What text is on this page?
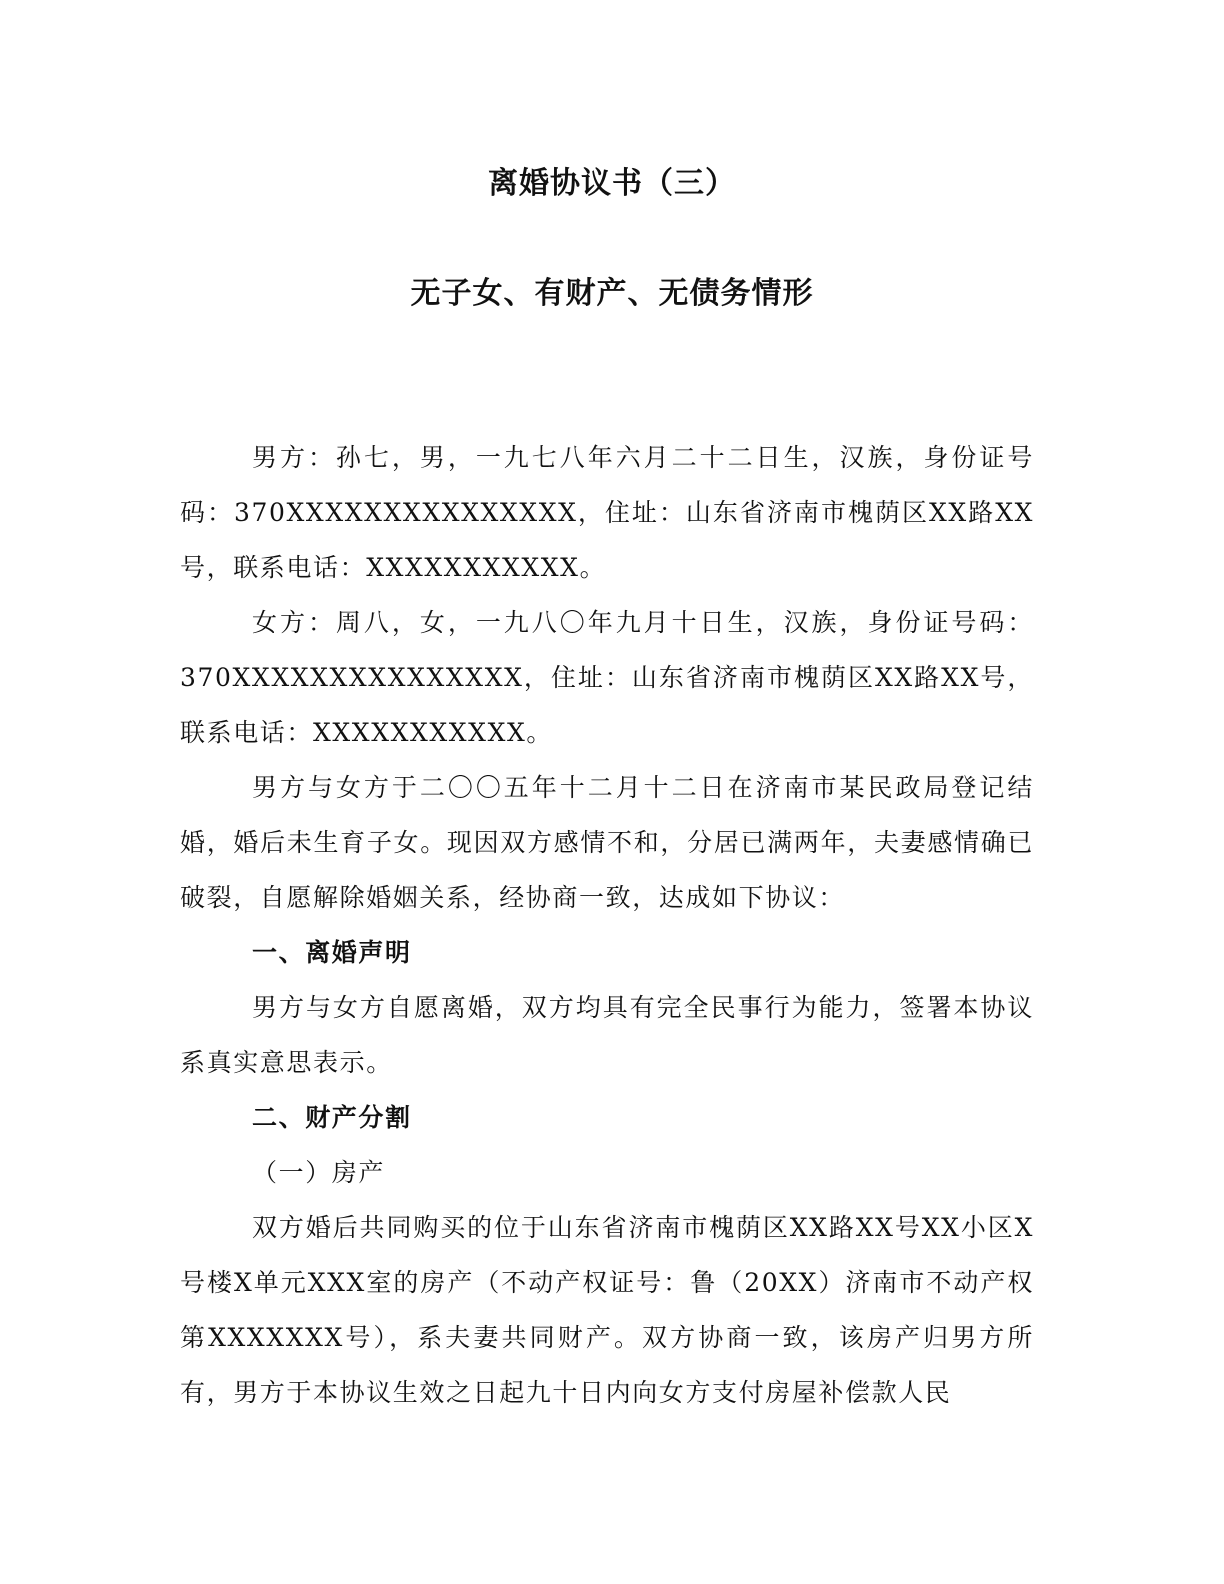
离婚协议书（三）
无子女、有财产、无债务情形

男方：孙七，男，一九七八年六月二十二日生，汉族，身份证号码：370XXXXXXXXXXXXXXX，住址：山东省济南市槐荫区XX路XX号，联系电话：XXXXXXXXXXX。

女方：周八，女，一九八〇年九月十日生，汉族，身份证号码：370XXXXXXXXXXXXXXX，住址：山东省济南市槐荫区XX路XX号，联系电话：XXXXXXXXXXX。

男方与女方于二〇〇五年十二月十二日在济南市某民政局登记结婚，婚后未生育子女。现因双方感情不和，分居已满两年，夫妻感情确已破裂，自愿解除婚姻关系，经协商一致，达成如下协议：

一、离婚声明

男方与女方自愿离婚，双方均具有完全民事行为能力，签署本协议系真实意思表示。

二、财产分割

（一）房产

双方婚后共同购买的位于山东省济南市槐荫区XX路XX号XX小区X号楼X单元XXX室的房产（不动产权证号：鲁（20XX）济南市不动产权第XXXXXXX号），系夫妻共同财产。双方协商一致，该房产归男方所有，男方于本协议生效之日起九十日内向女方支付房屋补偿款人民
